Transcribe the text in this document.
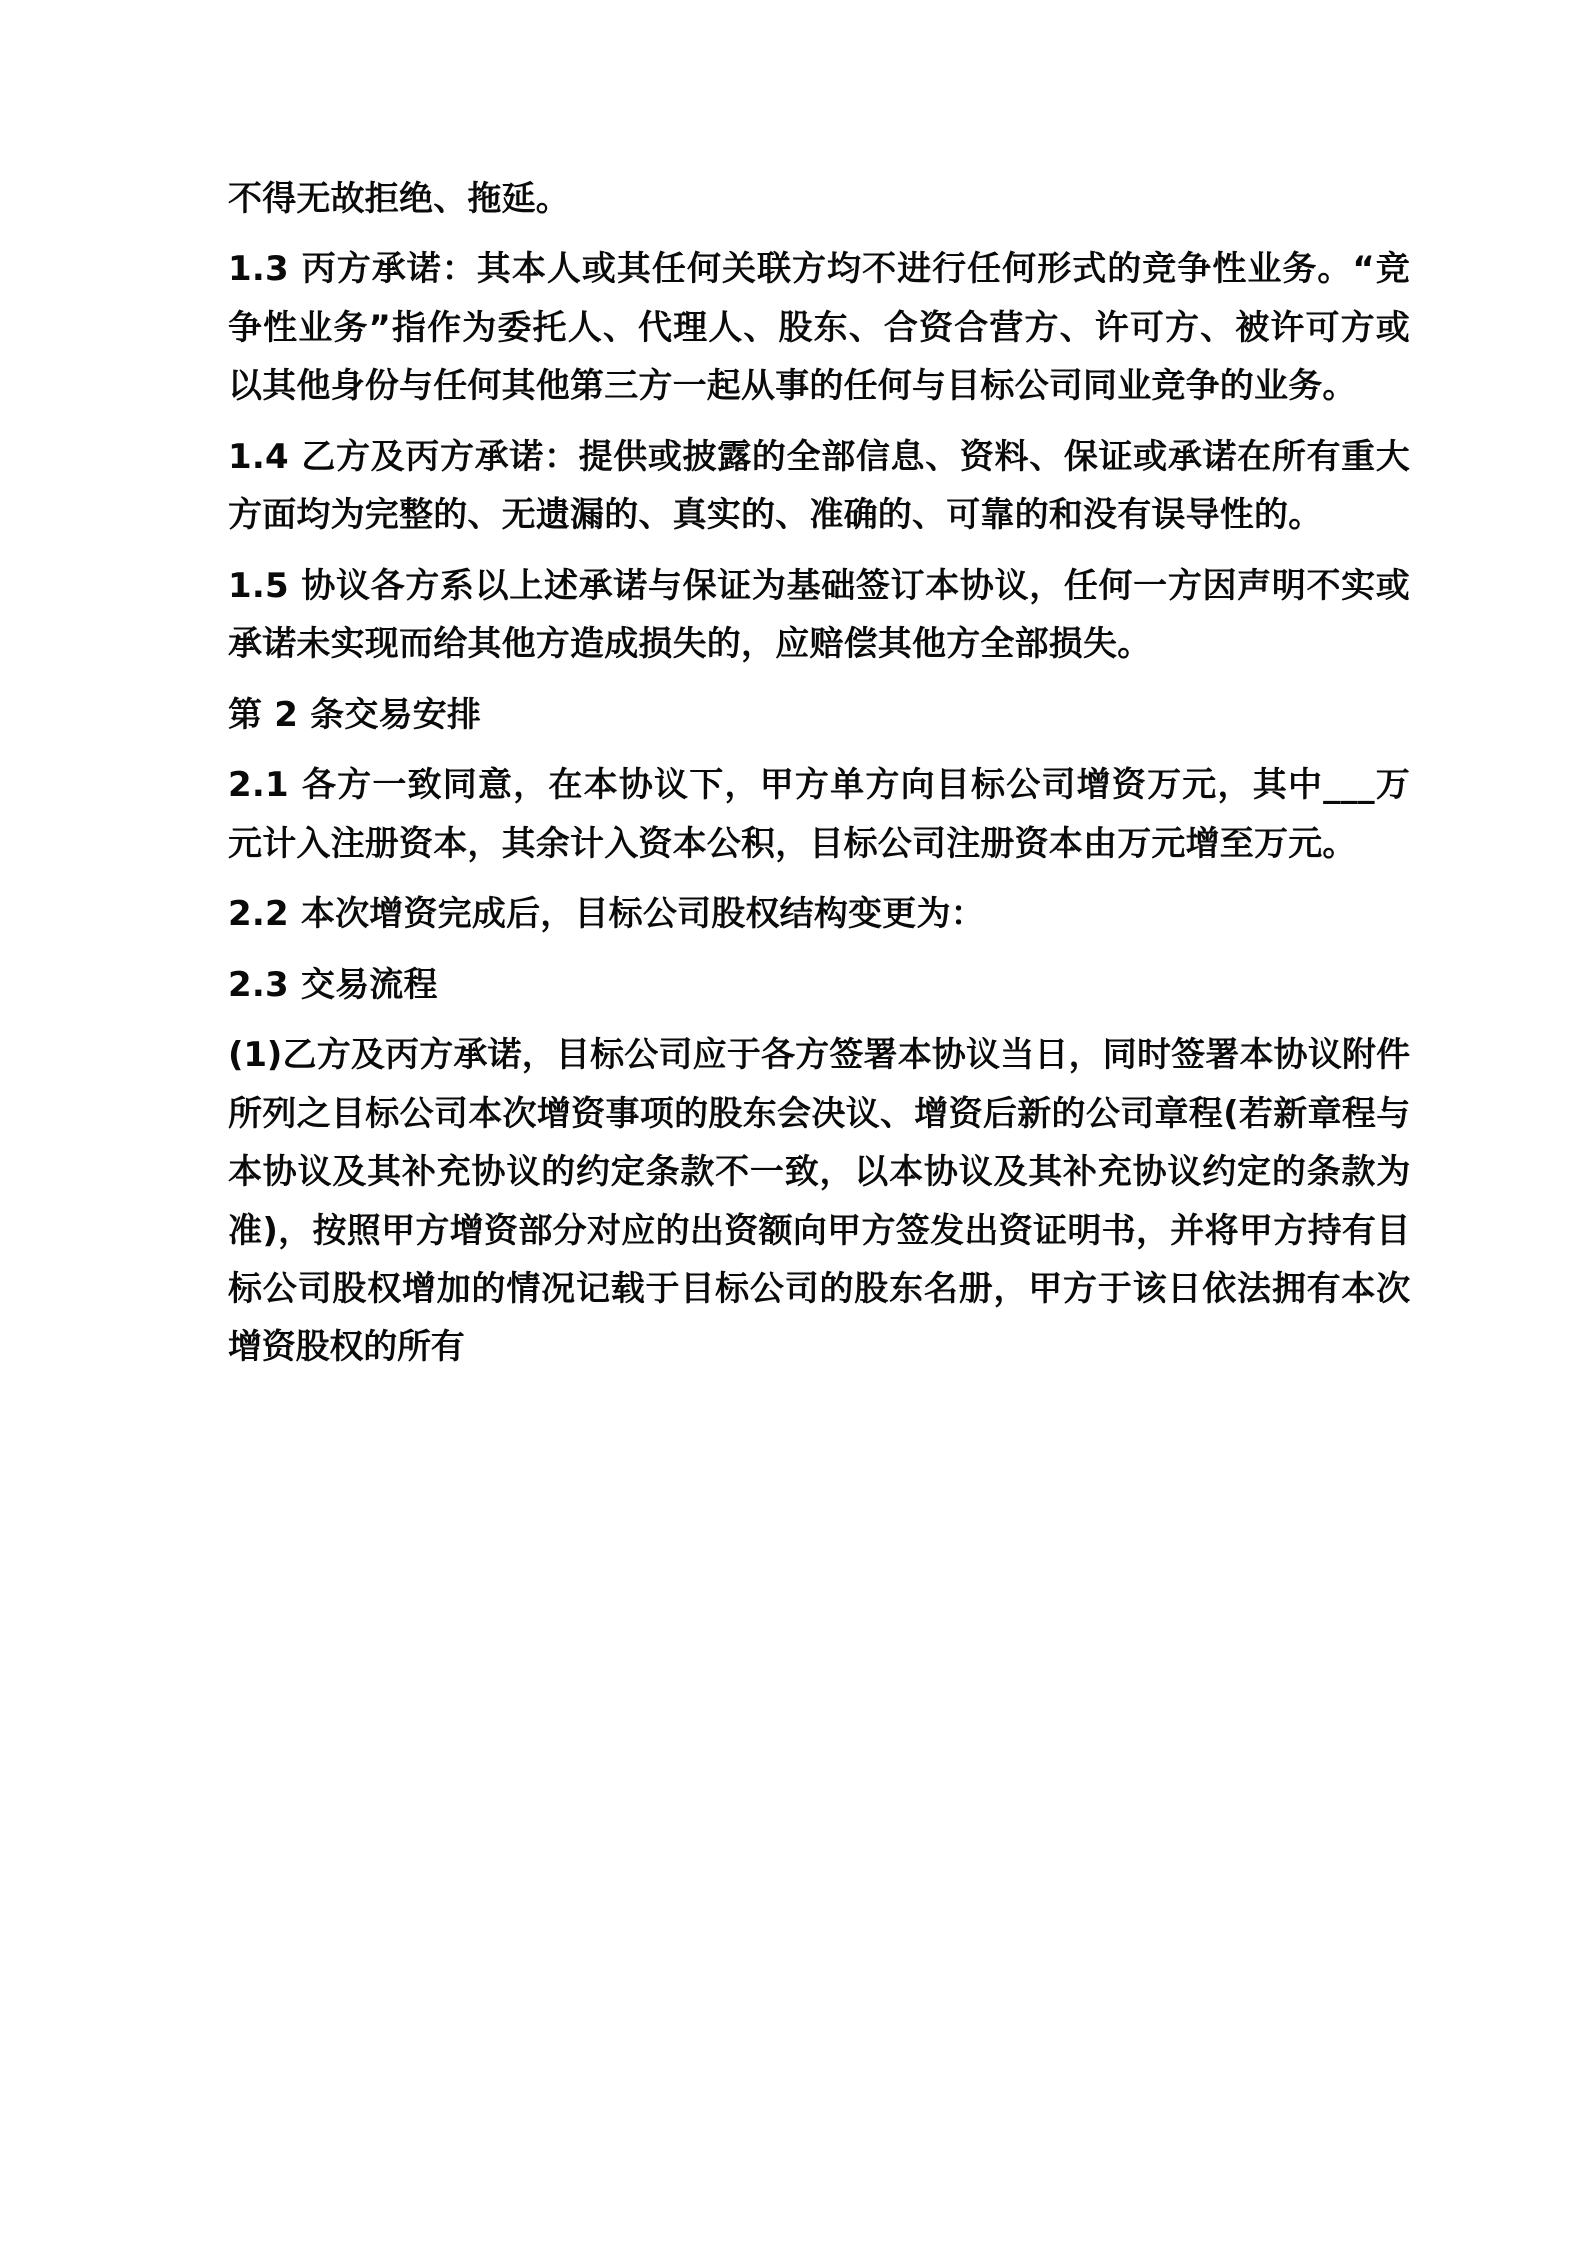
不得无故拒绝、拖延。

1.3 丙方承诺：其本人或其任何关联方均不进行任何形式的竞争性业务。“竞争性业务”指作为委托人、代理人、股东、合资合营方、许可方、被许可方或以其他身份与任何其他第三方一起从事的任何与目标公司同业竞争的业务。

1.4 乙方及丙方承诺：提供或披露的全部信息、资料、保证或承诺在所有重大方面均为完整的、无遗漏的、真实的、准确的、可靠的和没有误导性的。

1.5 协议各方系以上述承诺与保证为基础签订本协议，任何一方因声明不实或承诺未实现而给其他方造成损失的，应赔偿其他方全部损失。

第 2 条交易安排

2.1 各方一致同意，在本协议下，甲方单方向目标公司增资万元，其中___万元计入注册资本，其余计入资本公积，目标公司注册资本由万元增至万元。

2.2 本次增资完成后，目标公司股权结构变更为：

2.3 交易流程

(1)乙方及丙方承诺，目标公司应于各方签署本协议当日，同时签署本协议附件所列之目标公司本次增资事项的股东会决议、增资后新的公司章程(若新章程与本协议及其补充协议的约定条款不一致，以本协议及其补充协议约定的条款为准)，按照甲方增资部分对应的出资额向甲方签发出资证明书，并将甲方持有目标公司股权增加的情况记载于目标公司的股东名册，甲方于该日依法拥有本次增资股权的所有
